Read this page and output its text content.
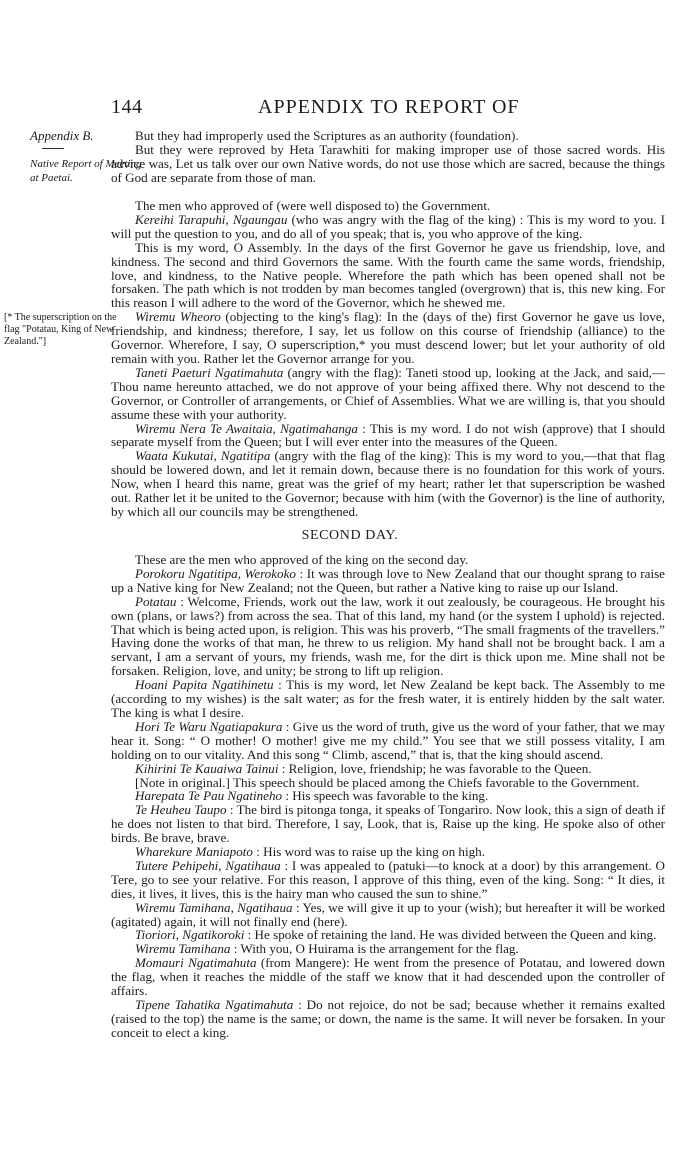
144	APPENDIX TO REPORT OF
Appendix B.
Native Report of Meeting at Paetai.
[* The superscription on the flag "Potatau, King of New Zealand."]

But they had improperly used the Scriptures as an authority (foundation).

But they were reproved by Heta Tarawhiti for making improper use of those sacred words. His advice was, Let us talk over our own Native words, do not use those which are sacred, because the things of God are separate from those of man.

The men who approved of (were well disposed to) the Government.

Kereihi Tarapuhi, Ngaungau (who was angry with the flag of the king) : This is my word to you. I will put the question to you, and do all of you speak; that is, you who approve of the king.

This is my word, O Assembly. In the days of the first Governor he gave us friendship, love, and kindness. The second and third Governors the same. With the fourth came the same words, friendship, love, and kindness, to the Native people. Wherefore the path which has been opened shall not be forsaken. The path which is not trodden by man becomes tangled (overgrown) that is, this new king. For this reason I will adhere to the word of the Governor, which he shewed me.

Wiremu Wheoro (objecting to the king's flag): In the (days of the) first Governor he gave us love, friendship, and kindness; therefore, I say, let us follow on this course of friendship (alliance) to the Governor. Wherefore, I say, O superscription,* you must descend lower; but let your authority of old remain with you. Rather let the Governor arrange for you.

Taneti Paeturi Ngatimahuta (angry with the flag): Taneti stood up, looking at the Jack, and said,—Thou name hereunto attached, we do not approve of your being affixed there. Why not descend to the Governor, or Controller of arrangements, or Chief of Assemblies. What we are willing is, that you should assume these with your authority.

Wiremu Nera Te Awaitaia, Ngatimahanga : This is my word. I do not wish (approve) that I should separate myself from the Queen; but I will ever enter into the measures of the Queen.

Waata Kukutai, Ngatitipa (angry with the flag of the king): This is my word to you,—that that flag should be lowered down, and let it remain down, because there is no foundation for this work of yours. Now, when I heard this name, great was the grief of my heart; rather let that superscription be washed out. Rather let it be united to the Governor; because with him (with the Governor) is the line of authority, by which all our councils may be strengthened.

SECOND DAY.

These are the men who approved of the king on the second day.

Porokoru Ngatitipa, Werokoko : It was through love to New Zealand that our thought sprang to raise up a Native king for New Zealand; not the Queen, but rather a Native king to raise up our Island.

Potatau : Welcome, Friends, work out the law, work it out zealously, be courageous. He brought his own (plans, or laws?) from across the sea. That of this land, my hand (or the system I uphold) is rejected. That which is being acted upon, is religion. This was his proverb, “The small fragments of the travellers.” Having done the works of that man, he threw to us religion. My hand shall not be brought back. I am a servant, I am a servant of yours, my friends, wash me, for the dirt is thick upon me. Mine shall not be forsaken. Religion, love, and unity; be strong to lift up religion.

Hoani Papita Ngatihinetu : This is my word, let New Zealand be kept back. The Assembly to me (according to my wishes) is the salt water; as for the fresh water, it is entirely hidden by the salt water. The king is what I desire.

Hori Te Waru Ngatiapakura : Give us the word of truth, give us the word of your father, that we may hear it. Song: “ O mother! O mother! give me my child.” You see that we still possess vitality, I am holding on to our vitality. And this song “ Climb, ascend,” that is, that the king should ascend.

Kihirini Te Kauaiwa Tainui : Religion, love, friendship; he was favorable to the Queen.

[Note in original.] This speech should be placed among the Chiefs favorable to the Government.

Harepata Te Pau Ngatineho : His speech was favorable to the king.

Te Heuheu Taupo : The bird is pitonga tonga, it speaks of Tongariro. Now look, this a sign of death if he does not listen to that bird. Therefore, I say, Look, that is, Raise up the king. He spoke also of other birds. Be brave, brave.

Wharekure Maniapoto : His word was to raise up the king on high.

Tutere Pehipehi, Ngatihaua : I was appealed to (patuki—to knock at a door) by this arrangement. O Tere, go to see your relative. For this reason, I approve of this thing, even of the king. Song: “ It dies, it dies, it lives, it lives, this is the hairy man who caused the sun to shine.”

Wiremu Tamihana, Ngatihaua : Yes, we will give it up to your (wish); but hereafter it will be worked (agitated) again, it will not finally end (here).

Tioriori, Ngatikoroki : He spoke of retaining the land. He was divided between the Queen and king.

Wiremu Tamihana : With you, O Huirama is the arrangement for the flag.

Momauri Ngatimahuta (from Mangere): He went from the presence of Potatau, and lowered down the flag, when it reaches the middle of the staff we know that it had descended upon the controller of affairs.

Tipene Tahatika Ngatimahuta : Do not rejoice, do not be sad; because whether it remains exalted (raised to the top) the name is the same; or down, the name is the same. It will never be forsaken. In your conceit to elect a king.
